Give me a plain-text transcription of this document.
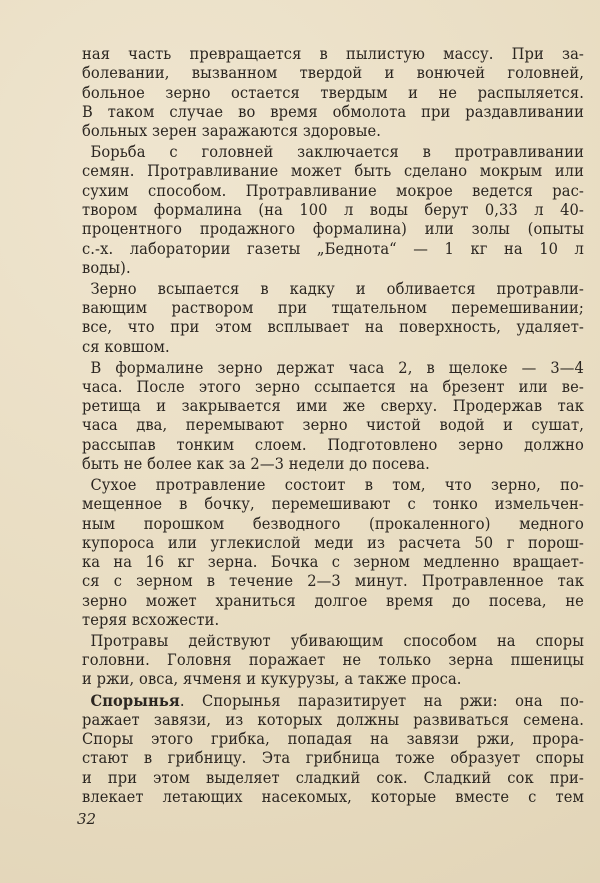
ная часть превращается в пылистую массу. При за-
болевании, вызванном твердой и вонючей головней,
больное зерно остается твердым и не распыляется.
В таком случае во время обмолота при раздавливании
больных зерен заражаются здоровые.
Борьба с головней заключается в протравливании
семян. Протравливание может быть сделано мокрым или
сухим способом. Протравливание мокрое ведется рас-
твором формалина (на 100 л воды берут 0,33 л 40-
процентного продажного формалина) или золы (опыты
с.-х. лаборатории газеты „Беднота“ — 1 кг на 10 л
воды).
Зерно всыпается в кадку и обливается протравли-
вающим раствором при тщательном перемешивании;
все, что при этом всплывает на поверхность, удаляет-
ся ковшом.
В формалине зерно держат часа 2, в щелоке — 3—4
часа. После этого зерно ссыпается на брезент или ве-
ретища и закрывается ими же сверху. Продержав так
часа два, перемывают зерно чистой водой и сушат,
рассыпав тонким слоем. Подготовлено зерно должно
быть не более как за 2—3 недели до посева.
Сухое протравление состоит в том, что зерно, по-
мещенное в бочку, перемешивают с тонко измельчен-
ным порошком безводного (прокаленного) медного
купороса или углекислой меди из расчета 50 г порош-
ка на 16 кг зерна. Бочка с зерном медленно вращает-
ся с зерном в течение 2—3 минут. Протравленное так
зерно может храниться долгое время до посева, не
теряя всхожести.
Протравы действуют убивающим способом на споры
головни. Головня поражает не только зерна пшеницы
и ржи, овса, ячменя и кукурузы, а также проса.
Спорынья. Спорынья паразитирует на ржи: она по-
ражает завязи, из которых должны развиваться семена.
Споры этого грибка, попадая на завязи ржи, прора-
стают в грибницу. Эта грибница тоже образует споры
и при этом выделяет сладкий сок. Сладкий сок при-
влекает летающих насекомых, которые вместе с тем
32
